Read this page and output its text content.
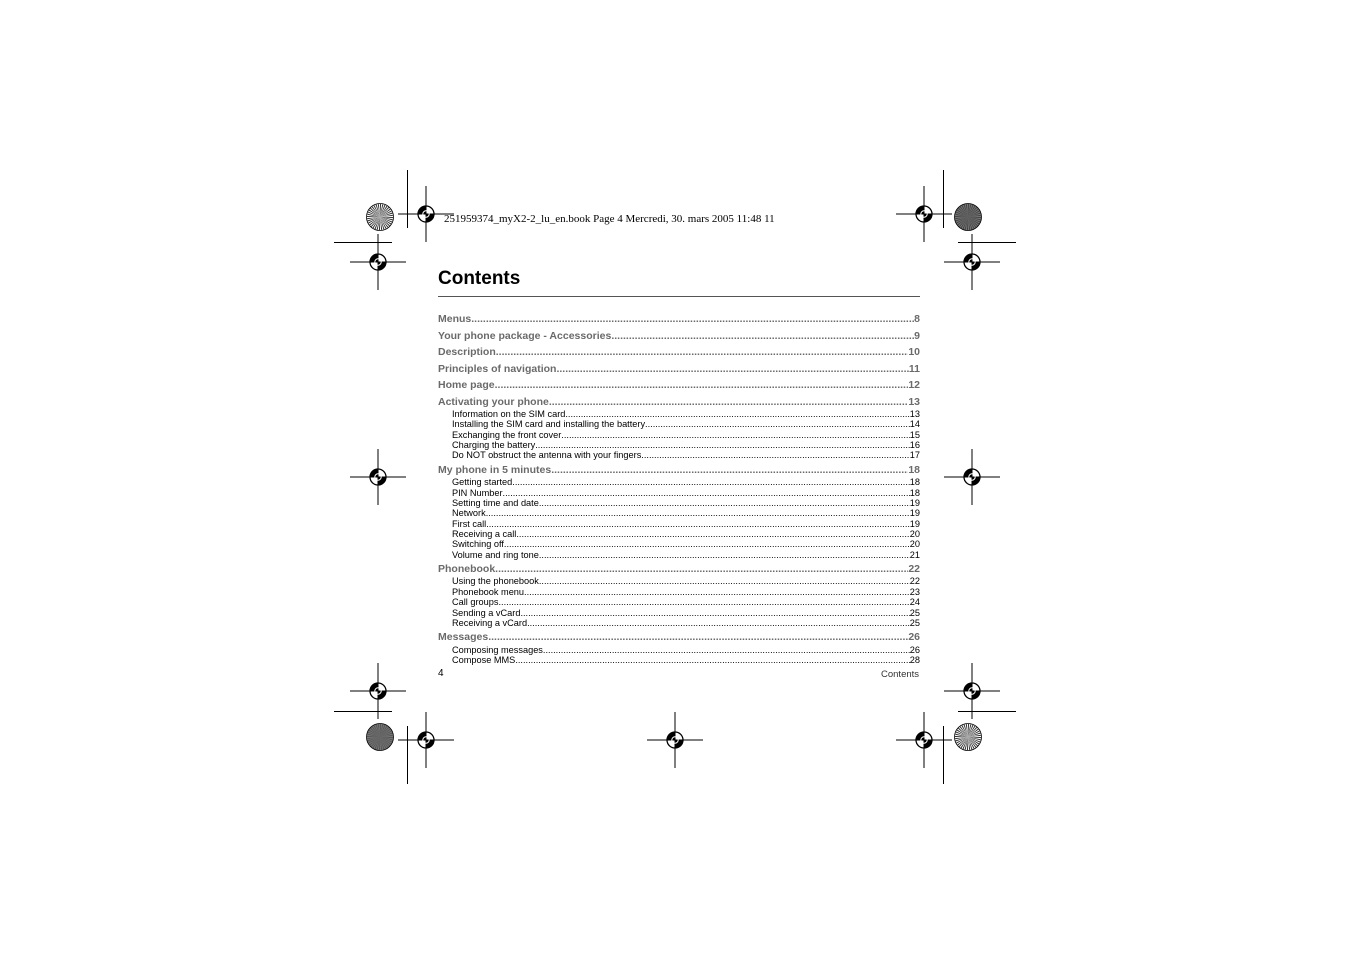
251959374_myX2-2_lu_en.book Page 4 Mercredi, 30. mars 2005 11:48 11
Contents
Menus .....	8
Your phone package - Accessories .....	9
Description .....	10
Principles of navigation .....	11
Home page .....	12
Activating your phone .....	13
Information on the SIM card .....	13
Installing the SIM card and installing the battery .....	14
Exchanging the front cover .....	15
Charging the battery .....	16
Do NOT obstruct the antenna with your fingers .....	17
My phone in 5 minutes .....	18
Getting started .....	18
PIN Number .....	18
Setting time and date .....	19
Network .....	19
First call .....	19
Receiving a call .....	20
Switching off .....	20
Volume and ring tone .....	21
Phonebook .....	22
Using the phonebook .....	22
Phonebook menu .....	23
Call groups .....	24
Sending a vCard .....	25
Receiving a vCard .....	25
Messages .....	26
Composing messages .....	26
Compose MMS .....	28
4	Contents
